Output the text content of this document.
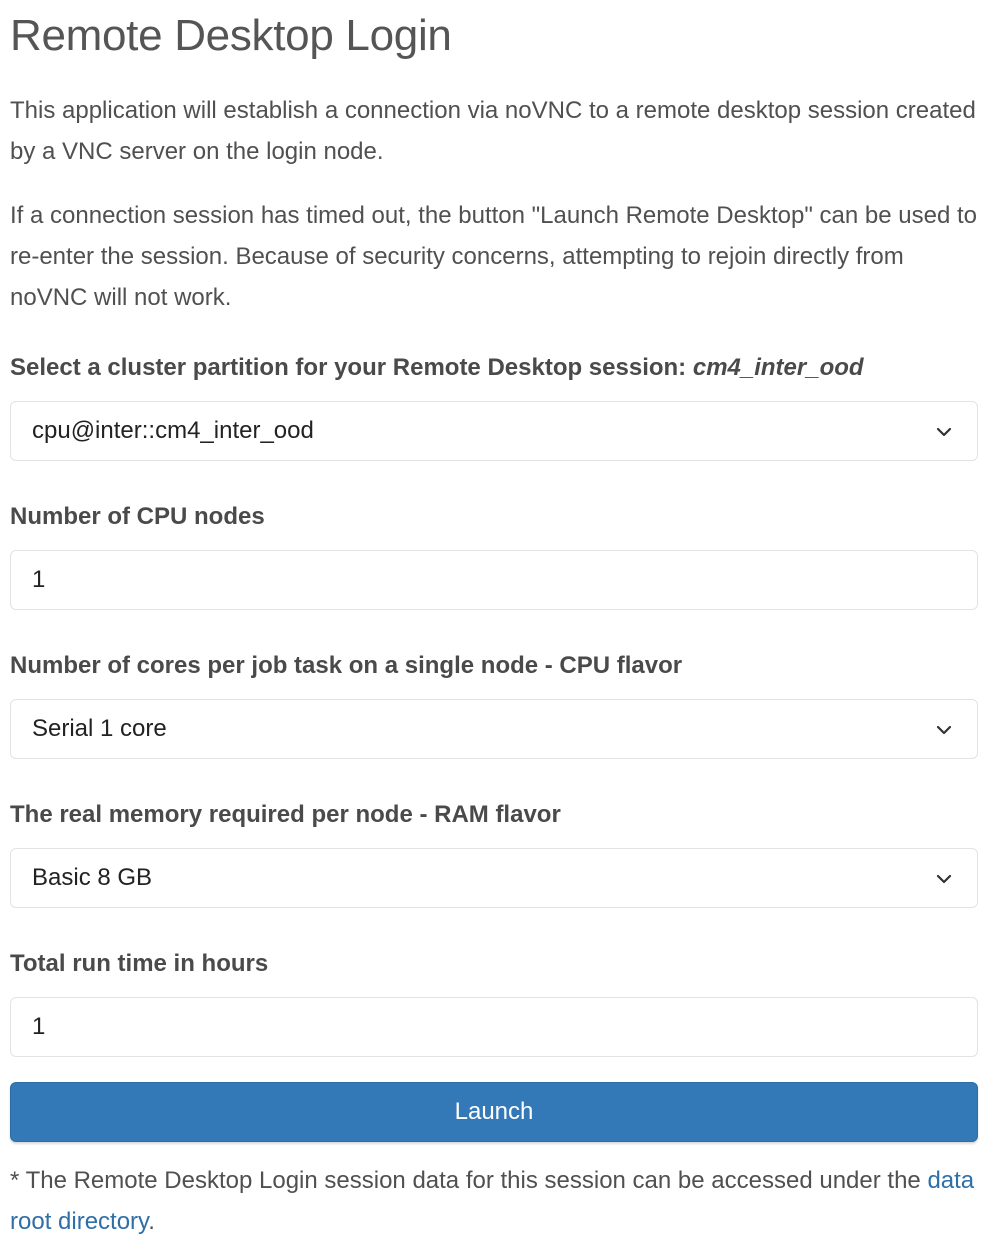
Remote Desktop Login

This application will establish a connection via noVNC to a remote desktop session created by a VNC server on the login node.

If a connection session has timed out, the button "Launch Remote Desktop" can be used to re-enter the session. Because of security concerns, attempting to rejoin directly from noVNC will not work.

Select a cluster partition for your Remote Desktop session: cm4_inter_ood
cpu@inter::cm4_inter_ood
Number of CPU nodes
1
Number of cores per job task on a single node - CPU flavor
Serial 1 core
The real memory required per node - RAM flavor
Basic 8 GB
Total run time in hours
1
Launch

* The Remote Desktop Login session data for this session can be accessed under the data root directory.
